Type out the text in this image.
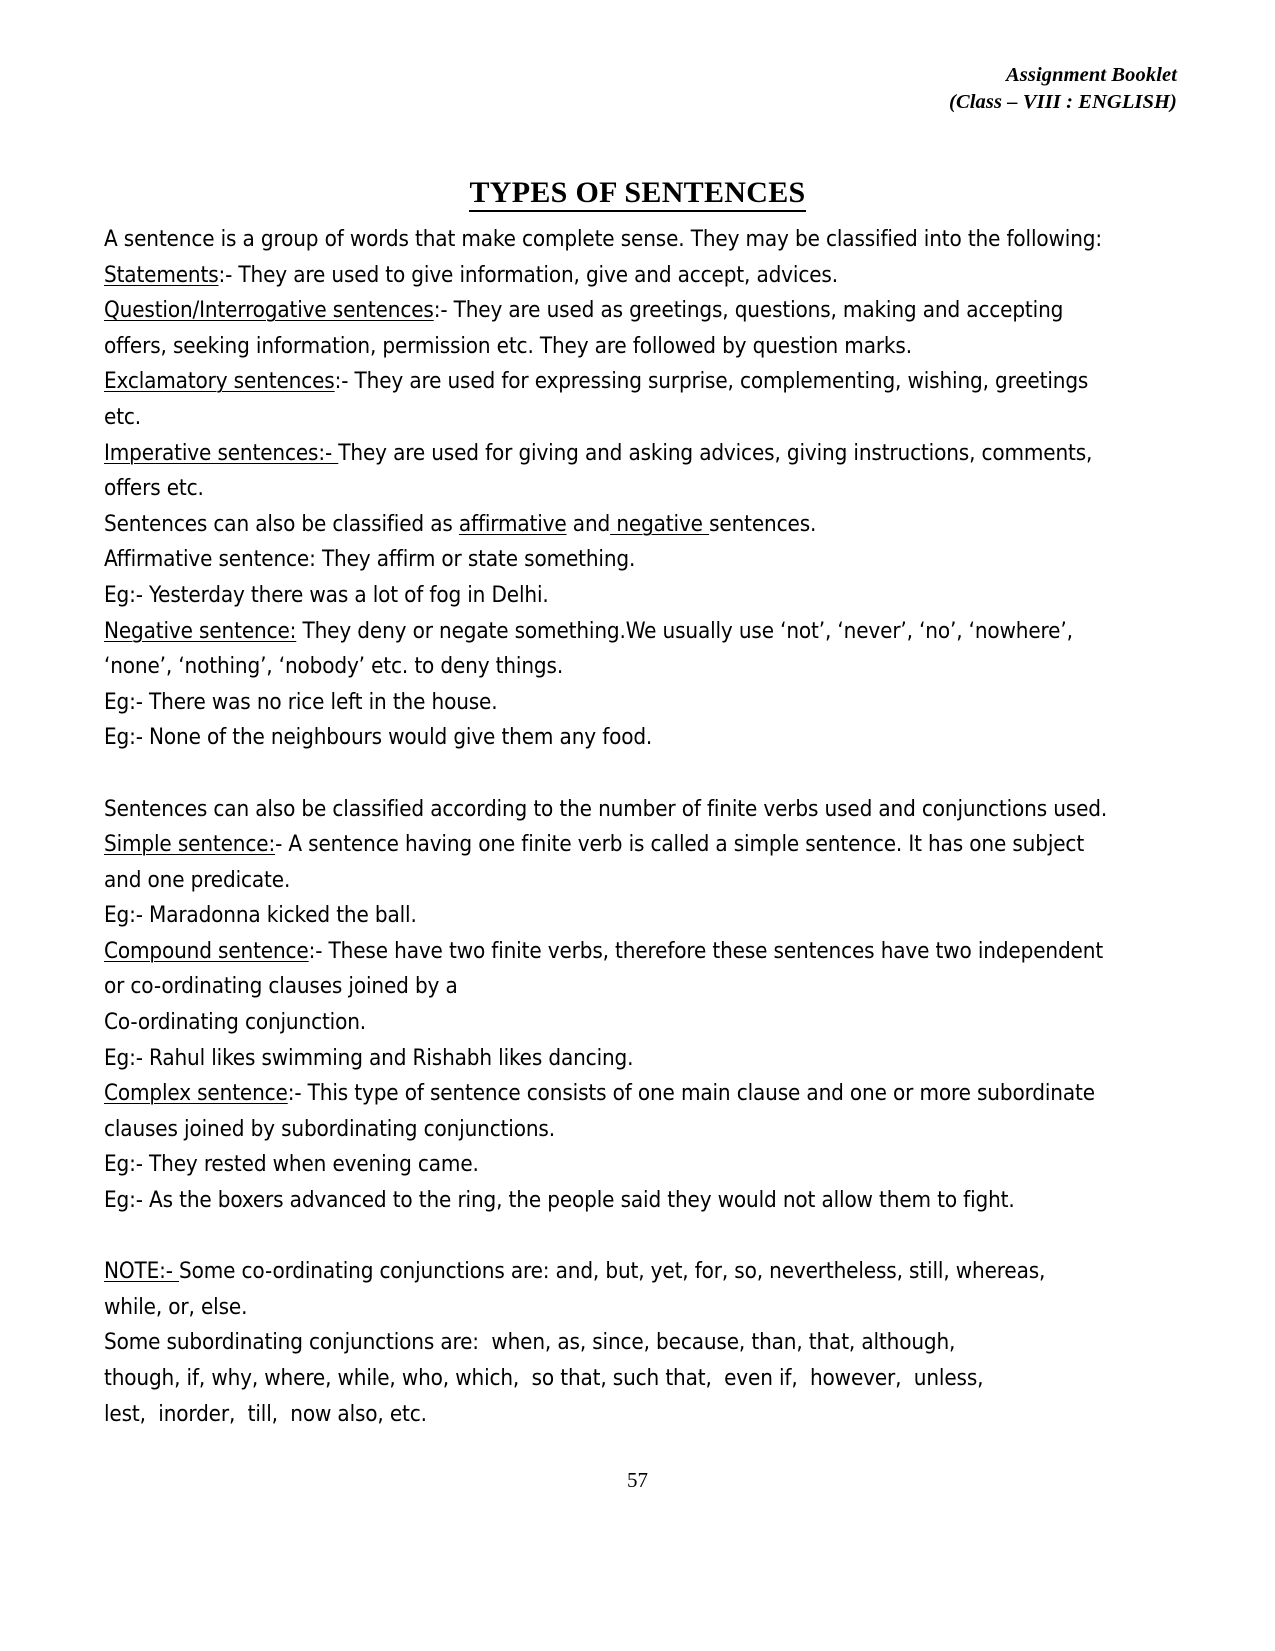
Assignment Booklet
(Class – VIII : ENGLISH)
TYPES OF SENTENCES

A sentence is a group of words that make complete sense. They may be classified into the following:

Statements:- They are used to give information, give and accept, advices.

Question/Interrogative sentences:- They are used as greetings, questions, making and accepting offers, seeking information, permission etc. They are followed by question marks.

Exclamatory sentences:- They are used for expressing surprise, complementing, wishing, greetings etc.

Imperative sentences:- They are used for giving and asking advices, giving instructions, comments, offers etc.

Sentences can also be classified as affirmative and negative sentences.

Affirmative sentence: They affirm or state something.

Eg:- Yesterday there was a lot of fog in Delhi.

Negative sentence: They deny or negate something.We usually use ‘not’, ‘never’, ‘no’, ‘nowhere’, ‘none’, ‘nothing’, ‘nobody’ etc. to deny things.

Eg:- There was no rice left in the house.

Eg:- None of the neighbours would give them any food.

Sentences can also be classified according to the number of finite verbs used and conjunctions used.

Simple sentence:- A sentence having one finite verb is called a simple sentence. It has one subject and one predicate.

Eg:- Maradonna kicked the ball.

Compound sentence:- These have two finite verbs, therefore these sentences have two independent or co-ordinating clauses joined by a

Co-ordinating conjunction.

Eg:- Rahul likes swimming and Rishabh likes dancing.

Complex sentence:- This type of sentence consists of one main clause and one or more subordinate clauses joined by subordinating conjunctions.

Eg:- They rested when evening came.

Eg:- As the boxers advanced to the ring, the people said they would not allow them to fight.

NOTE:- Some co-ordinating conjunctions are: and, but, yet, for, so, nevertheless, still, whereas, while, or, else.

Some subordinating conjunctions are:  when, as, since, because, than, that, although,

though, if, why, where, while, who, which,  so that, such that,  even if,  however,  unless,

lest,  inorder,  till,  now also, etc.

57
